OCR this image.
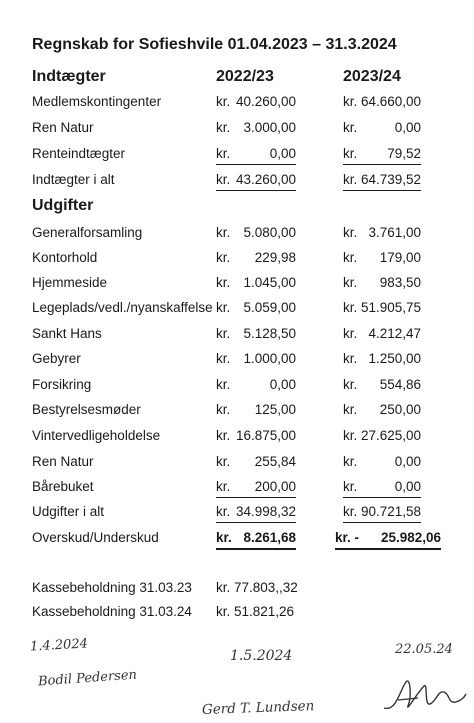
Regnskab for Sofieshvile 01.04.2023 – 31.3.2024
Indtægter	2022/23	2023/24
Medlemskontingenter	kr. 40.260,00	kr. 64.660,00
Ren Natur	kr. 3.000,00	kr.	0,00
Renteindtægter	kr.	0,00	kr. 79,52
Indtægter i alt	kr. 43.260,00	kr. 64.739,52
Udgifter
Generalforsamling	kr. 5.080,00	kr. 3.761,00
Kontorhold	kr. 229,98	kr. 179,00
Hjemmeside	kr. 1.045,00	kr. 983,50
Legeplads/vedl./nyanskaffelse kr. 5.059,00	kr. 51.905,75
Sankt Hans	kr. 5.128,50	kr. 4.212,47
Gebyrer	kr. 1.000,00	kr. 1.250,00
Forsikring	kr.	0,00	kr. 554,86
Bestyrelsesmøder	kr. 125,00	kr. 250,00
Vintervedligeholdelse	kr. 16.875,00	kr. 27.625,00
Ren Natur	kr. 255,84	kr.	0,00
Bårebuket	kr. 200,00	kr.	0,00
Udgifter i alt	kr. 34.998,32	kr. 90.721,58
Overskud/Underskud	kr. 8.261,68	kr. - 25.982,06
Kassebeholdning 31.03.23 kr. 77.803,,32
Kassebeholdning 31.03.24 kr. 51.821,26
1.4.2024
1.5.2024	22.05.24
Bodil Pedersen
Gerd T. Lundsen
